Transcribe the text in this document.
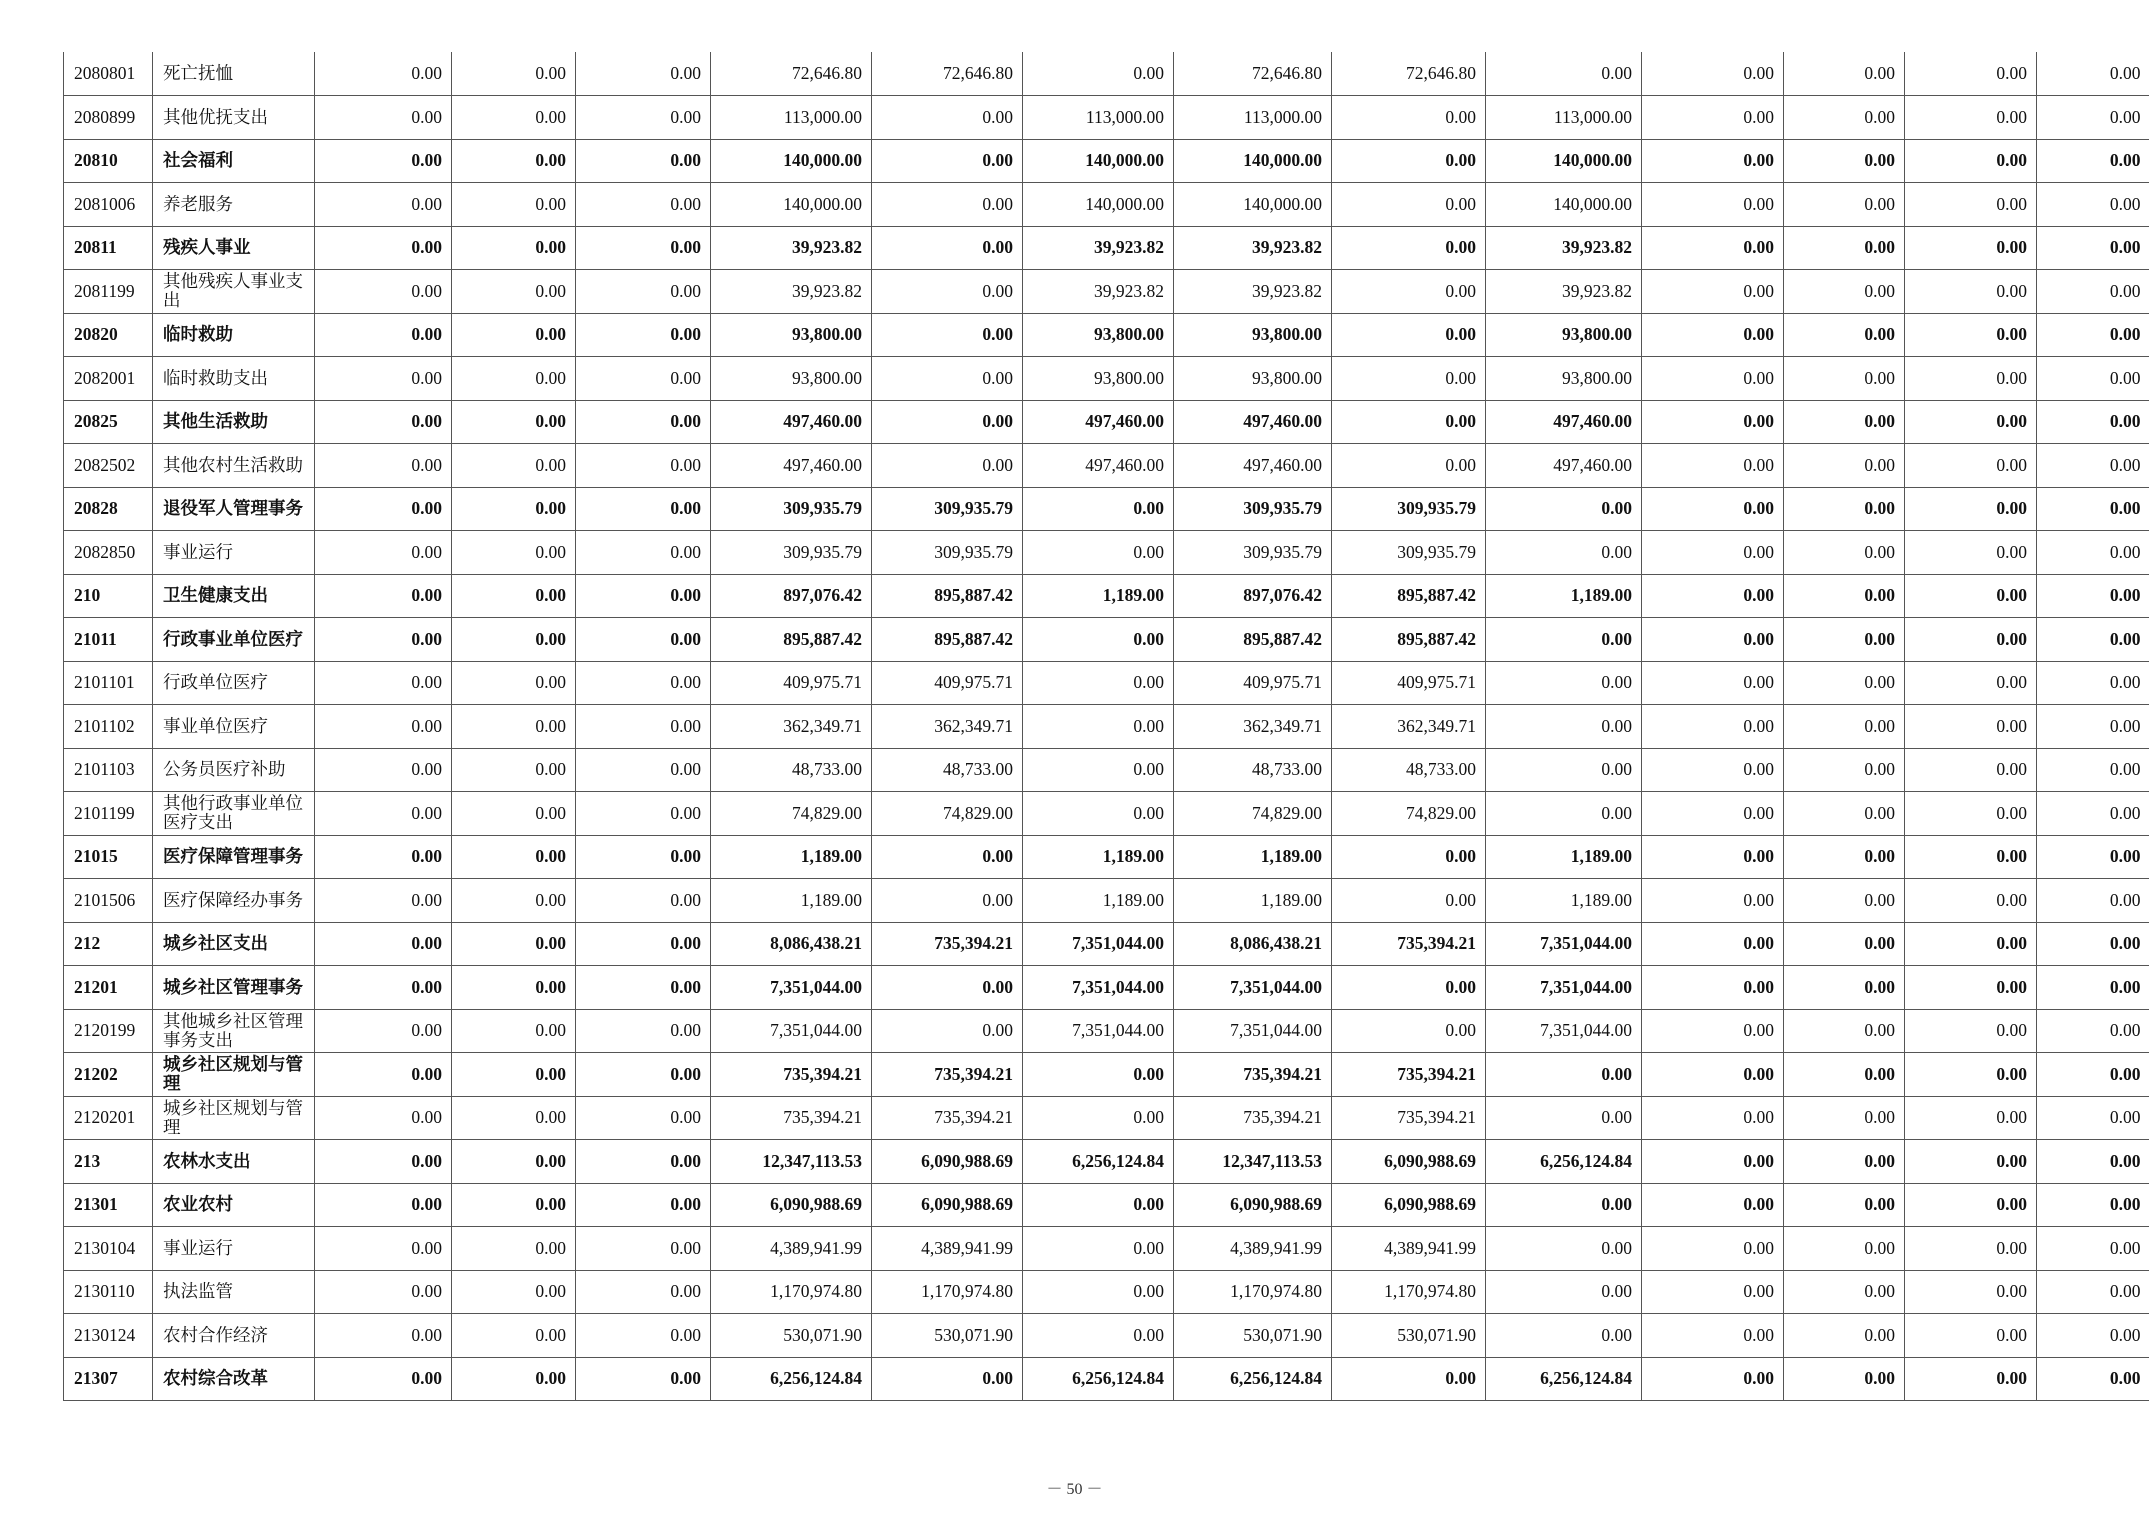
2080801	死亡抚恤	0.00	0.00	0.00	72,646.80	72,646.80	0.00	72,646.80	72,646.80	0.00	0.00	0.00	0.00	0.00
2080899	其他优抚支出	0.00	0.00	0.00	113,000.00	0.00	113,000.00	113,000.00	0.00	113,000.00	0.00	0.00	0.00	0.00
20810	社会福利	0.00	0.00	0.00	140,000.00	0.00	140,000.00	140,000.00	0.00	140,000.00	0.00	0.00	0.00	0.00
2081006	养老服务	0.00	0.00	0.00	140,000.00	0.00	140,000.00	140,000.00	0.00	140,000.00	0.00	0.00	0.00	0.00
20811	残疾人事业	0.00	0.00	0.00	39,923.82	0.00	39,923.82	39,923.82	0.00	39,923.82	0.00	0.00	0.00	0.00
2081199	其他残疾人事业支出	0.00	0.00	0.00	39,923.82	0.00	39,923.82	39,923.82	0.00	39,923.82	0.00	0.00	0.00	0.00
20820	临时救助	0.00	0.00	0.00	93,800.00	0.00	93,800.00	93,800.00	0.00	93,800.00	0.00	0.00	0.00	0.00
2082001	临时救助支出	0.00	0.00	0.00	93,800.00	0.00	93,800.00	93,800.00	0.00	93,800.00	0.00	0.00	0.00	0.00
20825	其他生活救助	0.00	0.00	0.00	497,460.00	0.00	497,460.00	497,460.00	0.00	497,460.00	0.00	0.00	0.00	0.00
2082502	其他农村生活救助	0.00	0.00	0.00	497,460.00	0.00	497,460.00	497,460.00	0.00	497,460.00	0.00	0.00	0.00	0.00
20828	退役军人管理事务	0.00	0.00	0.00	309,935.79	309,935.79	0.00	309,935.79	309,935.79	0.00	0.00	0.00	0.00	0.00
2082850	事业运行	0.00	0.00	0.00	309,935.79	309,935.79	0.00	309,935.79	309,935.79	0.00	0.00	0.00	0.00	0.00
210	卫生健康支出	0.00	0.00	0.00	897,076.42	895,887.42	1,189.00	897,076.42	895,887.42	1,189.00	0.00	0.00	0.00	0.00
21011	行政事业单位医疗	0.00	0.00	0.00	895,887.42	895,887.42	0.00	895,887.42	895,887.42	0.00	0.00	0.00	0.00	0.00
2101101	行政单位医疗	0.00	0.00	0.00	409,975.71	409,975.71	0.00	409,975.71	409,975.71	0.00	0.00	0.00	0.00	0.00
2101102	事业单位医疗	0.00	0.00	0.00	362,349.71	362,349.71	0.00	362,349.71	362,349.71	0.00	0.00	0.00	0.00	0.00
2101103	公务员医疗补助	0.00	0.00	0.00	48,733.00	48,733.00	0.00	48,733.00	48,733.00	0.00	0.00	0.00	0.00	0.00
2101199	其他行政事业单位医疗支出	0.00	0.00	0.00	74,829.00	74,829.00	0.00	74,829.00	74,829.00	0.00	0.00	0.00	0.00	0.00
21015	医疗保障管理事务	0.00	0.00	0.00	1,189.00	0.00	1,189.00	1,189.00	0.00	1,189.00	0.00	0.00	0.00	0.00
2101506	医疗保障经办事务	0.00	0.00	0.00	1,189.00	0.00	1,189.00	1,189.00	0.00	1,189.00	0.00	0.00	0.00	0.00
212	城乡社区支出	0.00	0.00	0.00	8,086,438.21	735,394.21	7,351,044.00	8,086,438.21	735,394.21	7,351,044.00	0.00	0.00	0.00	0.00
21201	城乡社区管理事务	0.00	0.00	0.00	7,351,044.00	0.00	7,351,044.00	7,351,044.00	0.00	7,351,044.00	0.00	0.00	0.00	0.00
2120199	其他城乡社区管理事务支出	0.00	0.00	0.00	7,351,044.00	0.00	7,351,044.00	7,351,044.00	0.00	7,351,044.00	0.00	0.00	0.00	0.00
21202	城乡社区规划与管理	0.00	0.00	0.00	735,394.21	735,394.21	0.00	735,394.21	735,394.21	0.00	0.00	0.00	0.00	0.00
2120201	城乡社区规划与管理	0.00	0.00	0.00	735,394.21	735,394.21	0.00	735,394.21	735,394.21	0.00	0.00	0.00	0.00	0.00
213	农林水支出	0.00	0.00	0.00	12,347,113.53	6,090,988.69	6,256,124.84	12,347,113.53	6,090,988.69	6,256,124.84	0.00	0.00	0.00	0.00
21301	农业农村	0.00	0.00	0.00	6,090,988.69	6,090,988.69	0.00	6,090,988.69	6,090,988.69	0.00	0.00	0.00	0.00	0.00
2130104	事业运行	0.00	0.00	0.00	4,389,941.99	4,389,941.99	0.00	4,389,941.99	4,389,941.99	0.00	0.00	0.00	0.00	0.00
2130110	执法监管	0.00	0.00	0.00	1,170,974.80	1,170,974.80	0.00	1,170,974.80	1,170,974.80	0.00	0.00	0.00	0.00	0.00
2130124	农村合作经济	0.00	0.00	0.00	530,071.90	530,071.90	0.00	530,071.90	530,071.90	0.00	0.00	0.00	0.00	0.00
21307	农村综合改革	0.00	0.00	0.00	6,256,124.84	0.00	6,256,124.84	6,256,124.84	0.00	6,256,124.84	0.00	0.00	0.00	0.00
－ 50 －
